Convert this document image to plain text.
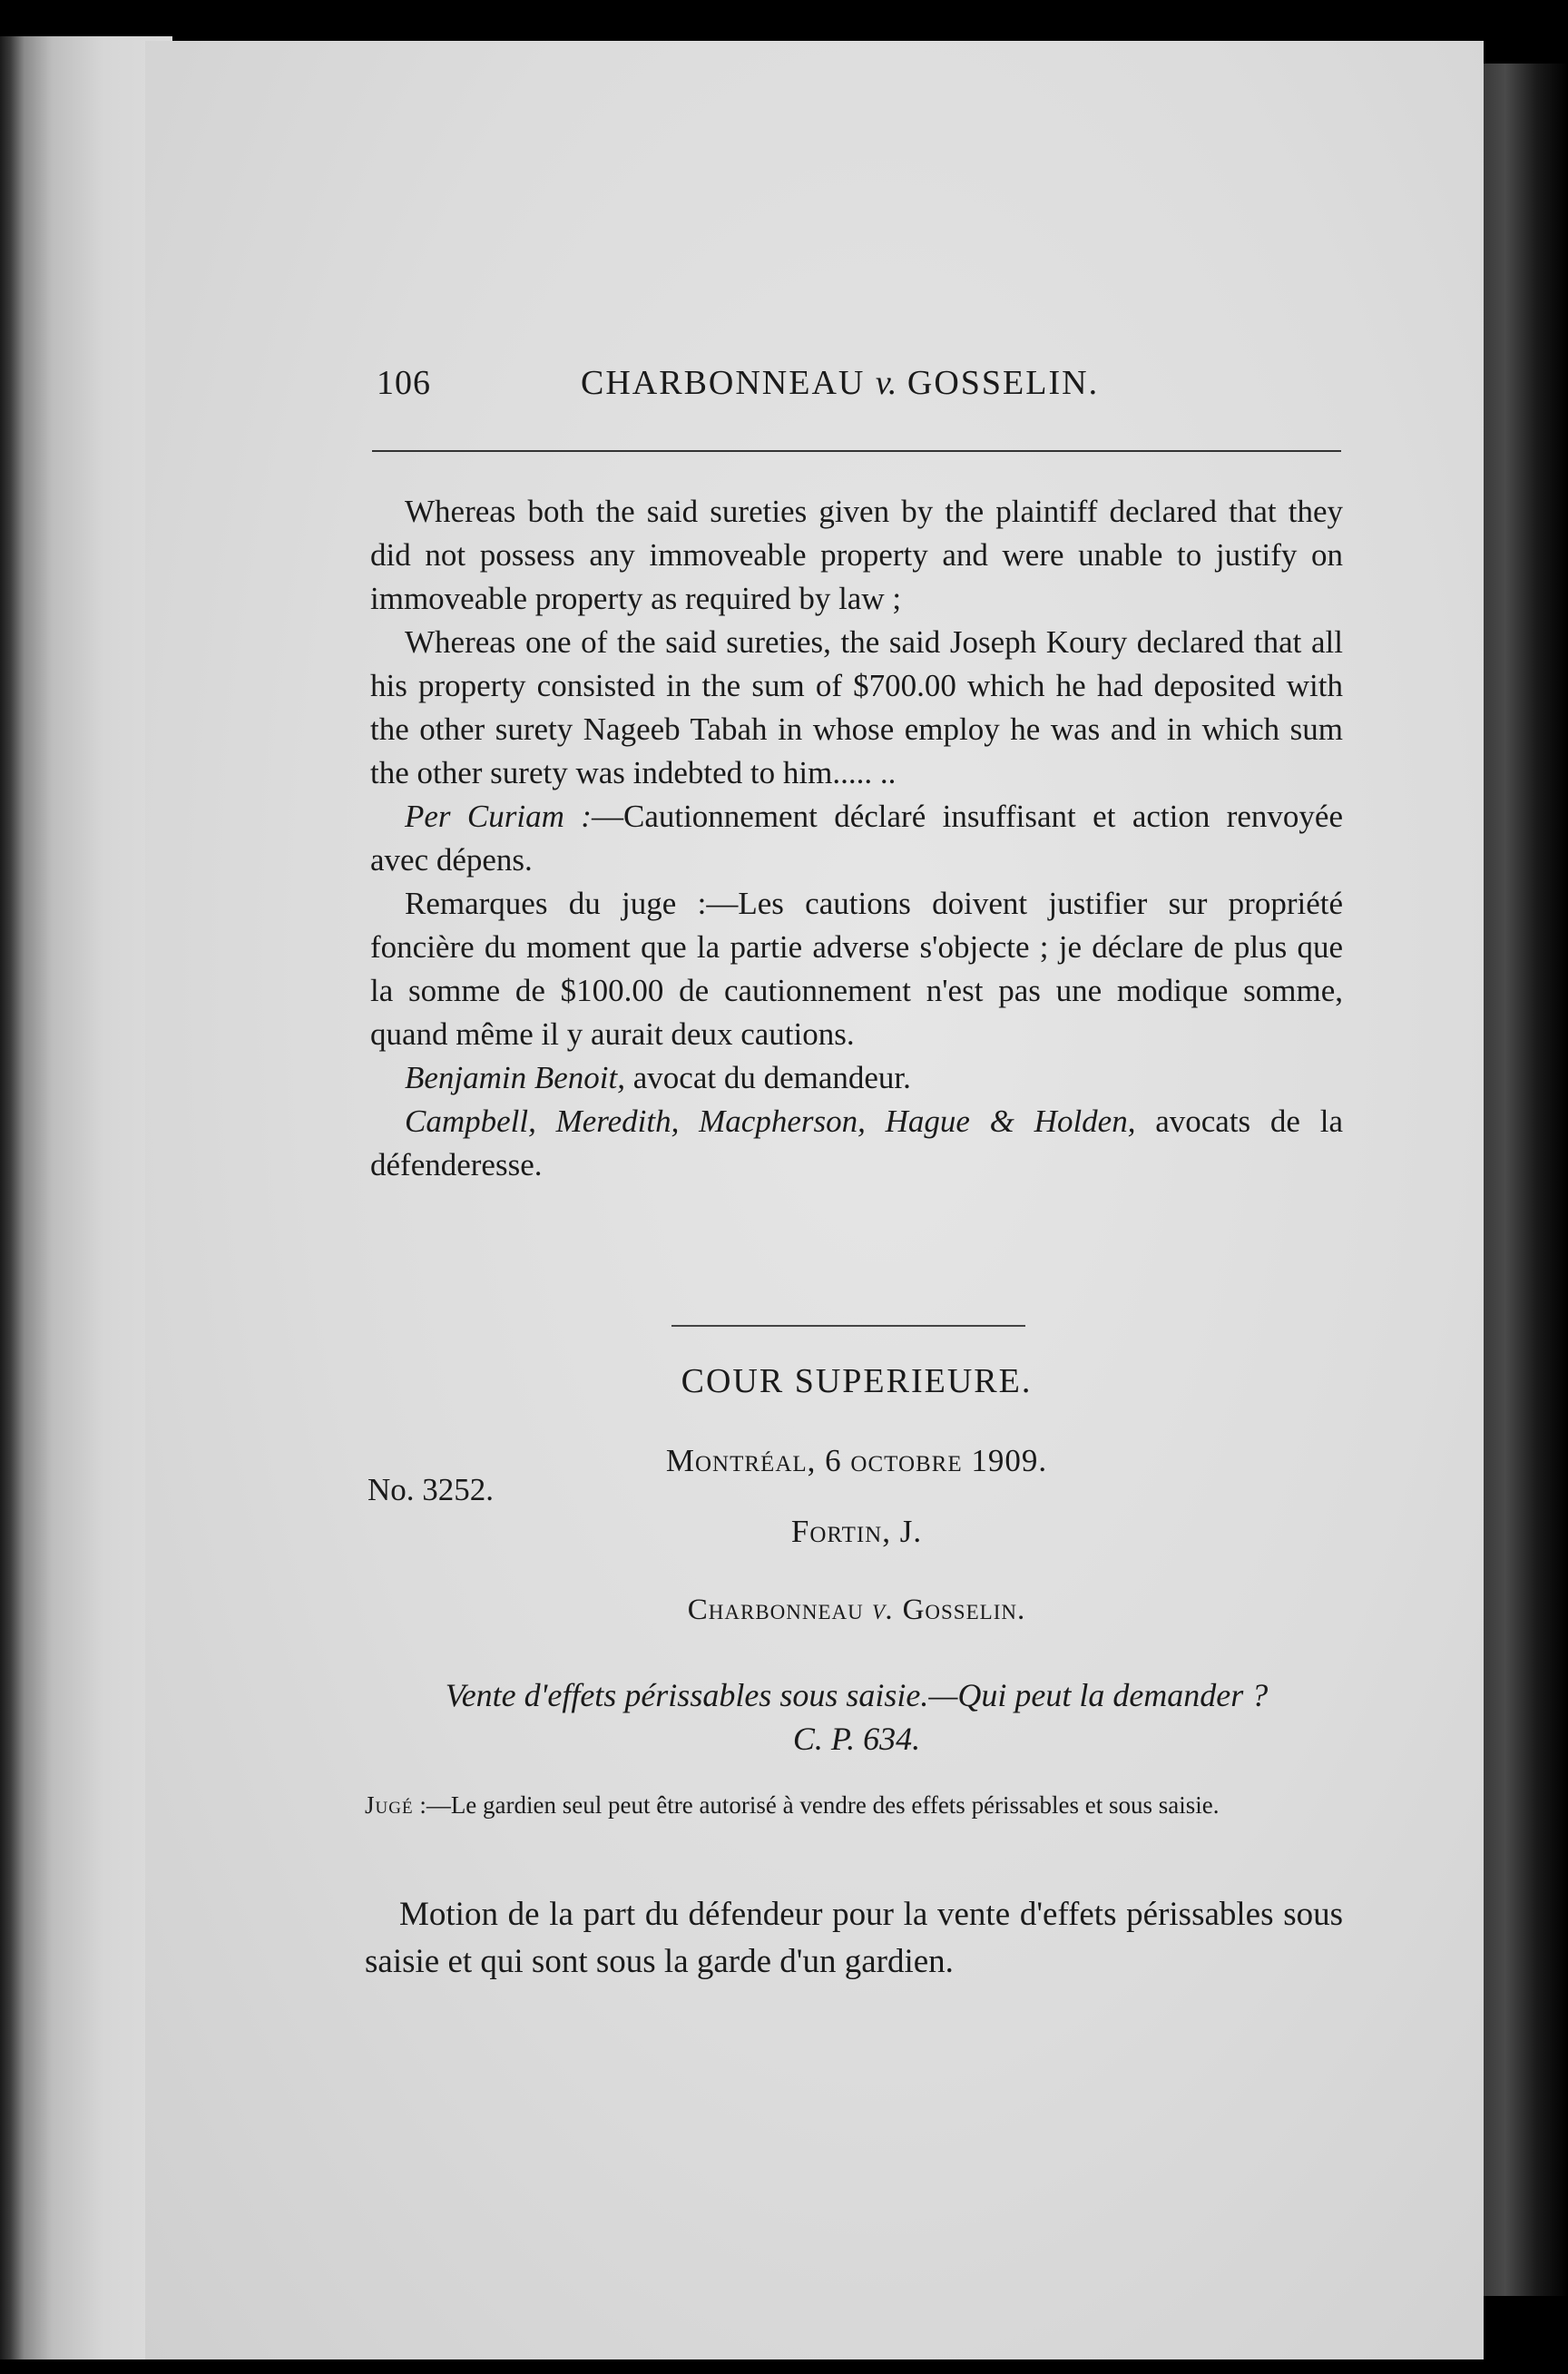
106	CHARBONNEAU v. GOSSELIN.

Whereas both the said sureties given by the plaintiff declared that they did not possess any immoveable property and were unable to justify on immoveable property as required by law ;

Whereas one of the said sureties, the said Joseph Koury declared that all his property consisted in the sum of $700.00 which he had deposited with the other surety Nageeb Tabah in whose employ he was and in which sum the other surety was indebted to him..... ..

Per Curiam :—Cautionnement déclaré insuffisant et action renvoyée avec dépens.

Remarques du juge :—Les cautions doivent justifier sur propriété foncière du moment que la partie adverse s'objecte ; je déclare de plus que la somme de $100.00 de cautionnement n'est pas une modique somme, quand même il y aurait deux cautions.

Benjamin Benoit, avocat du demandeur.

Campbell, Meredith, Macpherson, Hague & Holden, avocats de la défenderesse.

COUR SUPERIEURE.
Montréal, 6 octobre 1909.
No. 3252.
Fortin, J.
Charbonneau v. Gosselin.
Vente d'effets périssables sous saisie.—Qui peut la demander ?
C. P. 634.
Jugé :—Le gardien seul peut être autorisé à vendre des effets périssables et sous saisie.
Motion de la part du défendeur pour la vente d'effets périssables sous saisie et qui sont sous la garde d'un gardien.
